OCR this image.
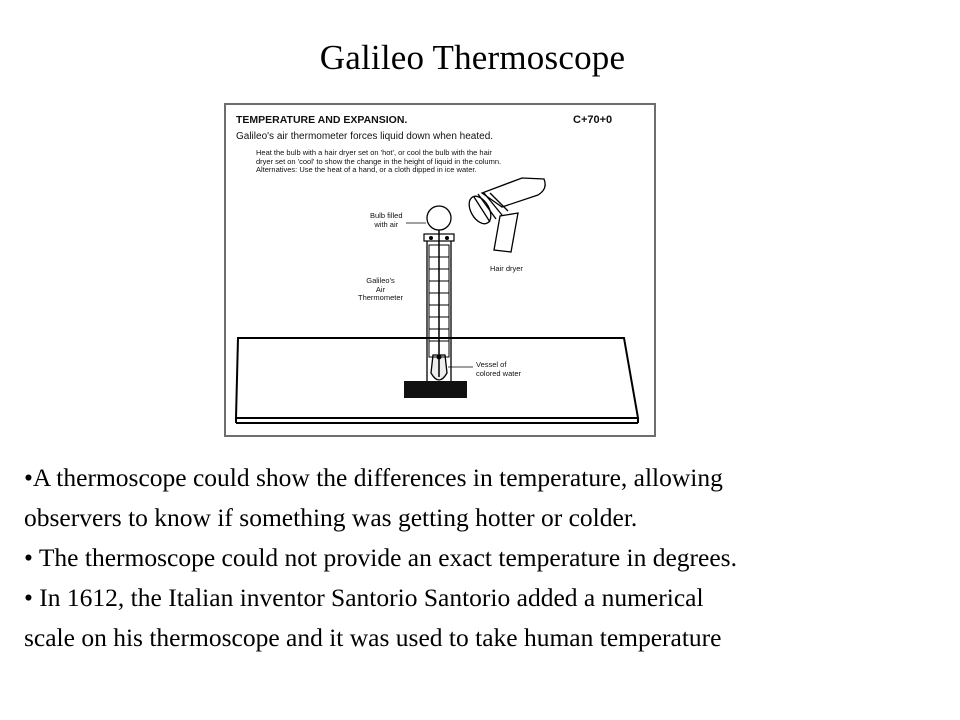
Galileo Thermoscope
TEMPERATURE AND EXPANSION.	C+70+0
Galileo's air thermometer forces liquid down when heated.
Heat the bulb with a hair dryer set on 'hot', or cool the bulb with the hair
dryer set on 'cool' to show the change in the height of liquid in the column.
Alternatives: Use the heat of a hand, or a cloth dipped in ice water.
Bulb filled
with air
Galileo's
Air
Thermometer
Hair dryer
Vessel of
colored water
•A thermoscope could show the differences in temperature, allowing
observers to know if something was getting hotter or colder.
• The thermoscope could not provide an exact temperature in degrees.
• In 1612, the Italian inventor Santorio Santorio added a numerical
scale on his thermoscope and it was used to take human temperature
